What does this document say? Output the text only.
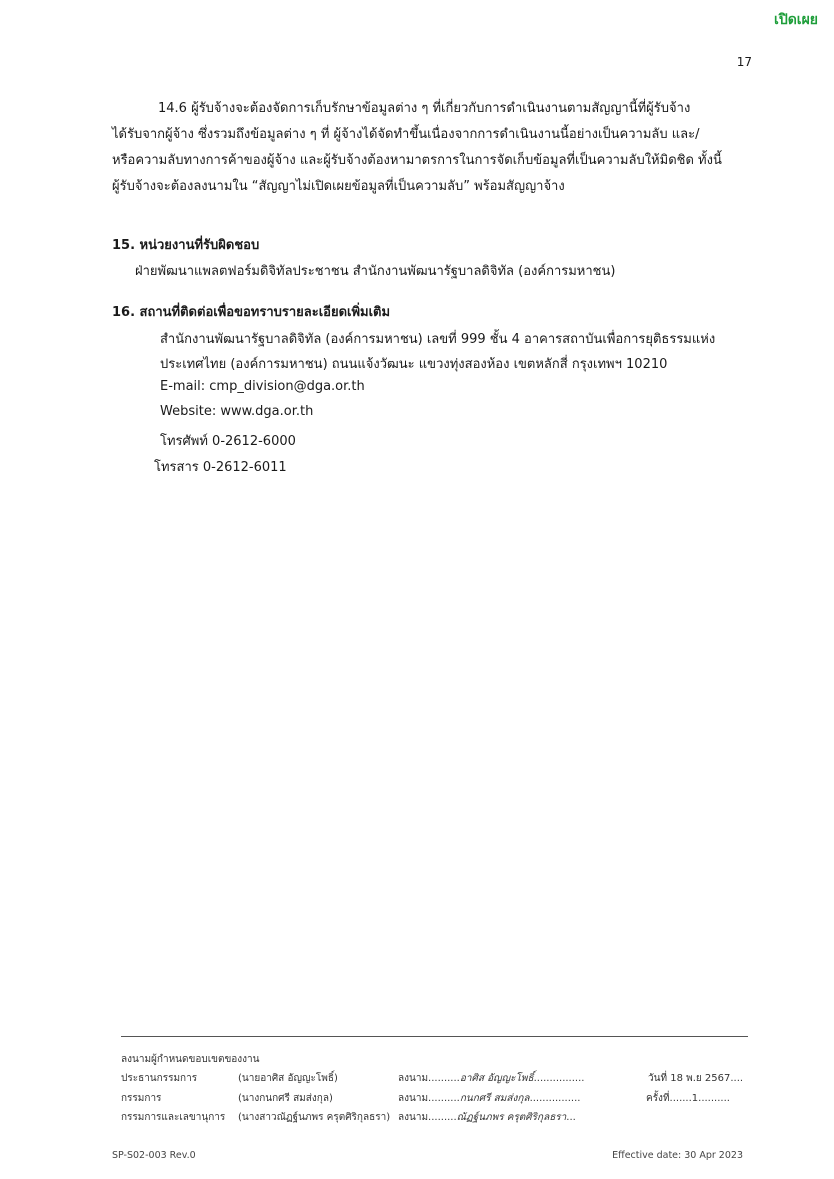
เปิดเผย
17
14.6 ผู้รับจ้างจะต้องจัดการเก็บรักษาข้อมูลต่าง ๆ ที่เกี่ยวกับการดำเนินงานตามสัญญานี้ที่ผู้รับจ้าง
ได้รับจากผู้จ้าง ซึ่งรวมถึงข้อมูลต่าง ๆ ที่ ผู้จ้างได้จัดทำขึ้นเนื่องจากการดำเนินงานนี้อย่างเป็นความลับ และ/
หรือความลับทางการค้าของผู้จ้าง และผู้รับจ้างต้องหามาตรการในการจัดเก็บข้อมูลที่เป็นความลับให้มิดชิด ทั้งนี้
ผู้รับจ้างจะต้องลงนามใน “สัญญาไม่เปิดเผยข้อมูลที่เป็นความลับ” พร้อมสัญญาจ้าง
15. หน่วยงานที่รับผิดชอบ
ฝ่ายพัฒนาแพลตฟอร์มดิจิทัลประชาชน สำนักงานพัฒนารัฐบาลดิจิทัล (องค์การมหาชน)
16. สถานที่ติดต่อเพื่อขอทราบรายละเอียดเพิ่มเติม
สำนักงานพัฒนารัฐบาลดิจิทัล (องค์การมหาชน) เลขที่ 999 ชั้น 4 อาคารสถาบันเพื่อการยุติธรรมแห่ง
ประเทศไทย (องค์การมหาชน) ถนนแจ้งวัฒนะ แขวงทุ่งสองห้อง เขตหลักสี่ กรุงเทพฯ 10210
E-mail: cmp_division@dga.or.th
Website: www.dga.or.th
โทรศัพท์ 0-2612-6000
โทรสาร 0-2612-6011
ลงนามผู้กำหนดขอบเขตของงาน
ประธานกรรมการ	(นายอาศิส อัญญะโพธิ์)	ลงนาม..........อาศิส อัญญะโพธิ์................	วันที่ 18 พ.ย 2567....
กรรมการ	(นางกนกศรี สมส่งกุล)	ลงนาม..........กนกศรี สมส่งกุล................	ครั้งที่.......1..........
กรรมการและเลขานุการ (นางสาวณัฏฐ์นภพร ครุตศิริกุลธรา) ลงนาม.........ณัฏฐ์นภพร ครุตศิริกุลธรา...
SP-S02-003 Rev.0	Effective date: 30 Apr 2023
